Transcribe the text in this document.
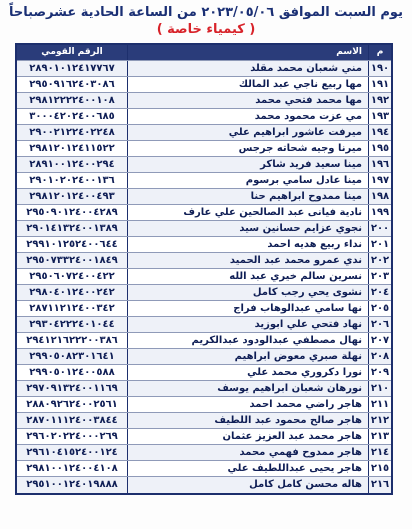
يوم السبت الموافق ٢٠٢٣/٠٥/٠٦ من الساعة الحادية عشرصباحاً
( كيمياء خاصة )
الرقم القومي	الاسم	م
٢٨٩٠١٠١٢٤١٧٧٦٧	مني شعبان محمد مقلد ١٩٠
٢٩٥٠٩١٦٢٤٠٣٠٨٦	مها ربيع ناجي عبد المالك ١٩١
٢٩٨١٢٢٢٢٤٠٠١٠٨	مها محمد فتحي محمد ١٩٢
٣٠٠٠٤٢٠٢٤٠٠٦٨٥	مي عزت محمود محمد ١٩٣
٢٩٠٠٢١٢٢٤٠٢٢٤٨	ميرفت عاشور ابراهيم علي ١٩٤
٢٩٨١٢٠١٢٤١١٥٢٢	ميرنا وجيه شحاته جرجس ١٩٥
٢٨٩١٠٠١٢٤٠٠٢٩٤	مينا سعيد فريد شاكر ١٩٦
٢٩٠١٠٢٠٢٤٠٠١٣٦	مينا عادل سامي برسوم ١٩٧
٢٩٨١٢٠١٢٤٠٠٤٩٣	مينا ممدوح ابراهيم حنا ١٩٨
٢٩٥٠٩٠١٢٤٠٠٤٢٨٩	نادية فيانى عبد الصالحين علي عارف ١٩٩
٢٩٠١٤١٣٢٤٠٠١٣٨٩	نجوي عزايم حسانين سيد ٢٠٠
٢٩٩١٠١٢٥٢٤٠٠٦٤٤	نداء ربيع هديه احمد ٢٠١
٢٩٥٠٧٣٣٢٤٠٠١٨٤٩	ندي عمرو محمد عبد الحميد ٢٠٢
٢٩٥٠٦٠٧٢٤٠٠٤٢٢	نسرين سالم خيري عبد الله ٢٠٣
٢٩٨٠٤٠١٢٤٠٠٢٤٢	نشوى يحي رجب كامل ٢٠٤
٢٨٧١١٢١٢٤٠٠٣٤٢	نها سامي عبدالوهاب فراج ٢٠٥
٢٩٣٠٤٢٢٢٤٠١٠٤٤	نهاد فتحي علي ابوزيد ٢٠٦
٢٩٤١٢١٦٢٢٢٠٠٣٨٦	نهال مصطفي عبدالودود عبدالكريم ٢٠٧
٢٩٩٠٥٠٨٢٣٠١٦٤١	نهلة صبري معوض ابراهيم ٢٠٨
٢٩٩٠٥٠١٢٤٠٠٥٨٨	نورا دكروري محمد علي ٢٠٩
٢٩٧٠٩١٣٢٤٠٠١١٦٩	نورهان شعبان ابراهيم يوسف ٢١٠
٢٨٨٠٩٢٦٢٤٠٠٢٥٦١	هاجر راضي محمد احمد ٢١١
٢٨٧٠١١١٢٤٠٠٣٨٤٤	هاجر صالح محمود عبد اللطيف ٢١٢
٢٩٦٠٢٠٢٢٤٠٠٠٢٦٩	هاجر محمد عبد العزيز عثمان ٢١٣
٢٩٦١٠٤١٥٢٤٠٠١٢٤	هاجر ممدوح فهمي محمد ٢١٤
٢٩٨١٠٠١٢٤٠٠٤١٠٨	هاجر يحيى عبداللطيف علي ٢١٥
٢٩٥١٠٠١٢٤٠١٩٨٨٨	هاله محسن كامل كامل ٢١٦
